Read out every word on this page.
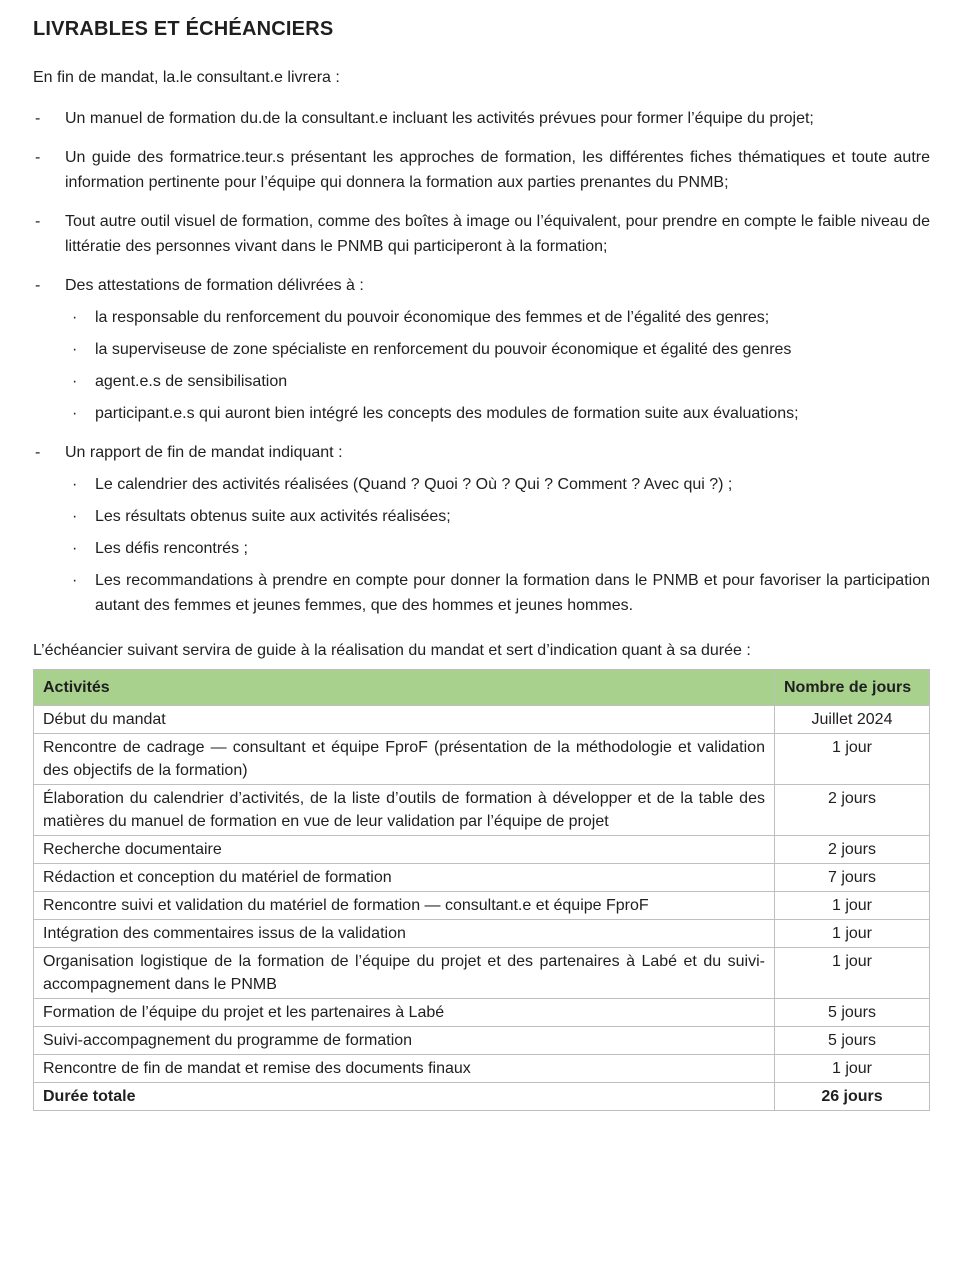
LIVRABLES ET ÉCHÉANCIERS

En fin de mandat, la.le consultant.e livrera :

-	Un manuel de formation du.de la consultant.e incluant les activités prévues pour former l’équipe du projet;

-	Un guide des formatrice.teur.s présentant les approches de formation, les différentes fiches thématiques et toute autre information pertinente pour l’équipe qui donnera la formation aux parties prenantes du PNMB;

-	Tout autre outil visuel de formation, comme des boîtes à image ou l’équivalent, pour prendre en compte le faible niveau de littératie des personnes vivant dans le PNMB qui participeront à la formation;

-	Des attestations de formation délivrées à :

·	la responsable du renforcement du pouvoir économique des femmes et de l’égalité des genres;

·	la superviseuse de zone spécialiste en renforcement du pouvoir économique et égalité des genres

·	agent.e.s de sensibilisation

·	participant.e.s qui auront bien intégré les concepts des modules de formation suite aux évaluations;

-	Un rapport de fin de mandat indiquant :

·	Le calendrier des activités réalisées (Quand ? Quoi ? Où ? Qui ? Comment ? Avec qui ?) ;

·	Les résultats obtenus suite aux activités réalisées;

·	Les défis rencontrés ;

·	Les recommandations à prendre en compte pour donner la formation dans le PNMB et pour favoriser la participation autant des femmes et jeunes femmes, que des hommes et jeunes hommes.

L’échéancier suivant servira de guide à la réalisation du mandat et sert d’indication quant à sa durée :

Activités	Nombre de jours
Début du mandat	Juillet 2024
Rencontre de cadrage — consultant et équipe FproF (présentation de la méthodologie et validation des objectifs de la formation)	1 jour
Élaboration du calendrier d’activités, de la liste d’outils de formation à développer et de la table des matières du manuel de formation en vue de leur validation par l’équipe de projet	2 jours
Recherche documentaire	2 jours
Rédaction et conception du matériel de formation	7 jours
Rencontre suivi et validation du matériel de formation — consultant.e et équipe FproF	1 jour
Intégration des commentaires issus de la validation	1 jour
Organisation logistique de la formation de l’équipe du projet et des partenaires à Labé et du suivi-accompagnement dans le PNMB	1 jour
Formation de l’équipe du projet et les partenaires à Labé	5 jours
Suivi-accompagnement du programme de formation	5 jours
Rencontre de fin de mandat et remise des documents finaux	1 jour
Durée totale	26 jours
